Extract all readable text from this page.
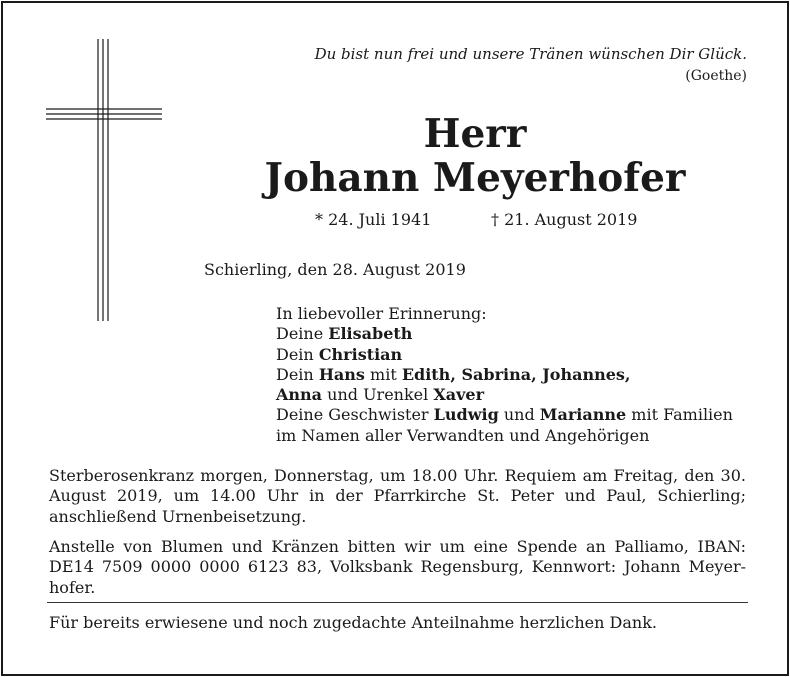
Du bist nun frei und unsere Tränen wünschen Dir Glück.
(Goethe)
Herr
Johann Meyerhofer
* 24. Juli 1941	† 21. August 2019
Schierling, den 28. August 2019
In liebevoller Erinnerung:
Deine Elisabeth
Dein Christian
Dein Hans mit Edith, Sabrina, Johannes,
Anna und Urenkel Xaver
Deine Geschwister Ludwig und Marianne mit Familien
im Namen aller Verwandten und Angehörigen
Sterberosenkranz morgen, Donnerstag, um 18.00 Uhr. Requiem am Freitag, den 30. August 2019, um 14.00 Uhr in der Pfarrkirche St. Peter und Paul, Schierling; anschließend Urnenbeisetzung.
Anstelle von Blumen und Kränzen bitten wir um eine Spende an Palliamo, IBAN: DE14 7509 0000 0000 6123 83, Volksbank Regensburg, Kennwort: Johann Meyer-hofer.
Für bereits erwiesene und noch zugedachte Anteilnahme herzlichen Dank.
